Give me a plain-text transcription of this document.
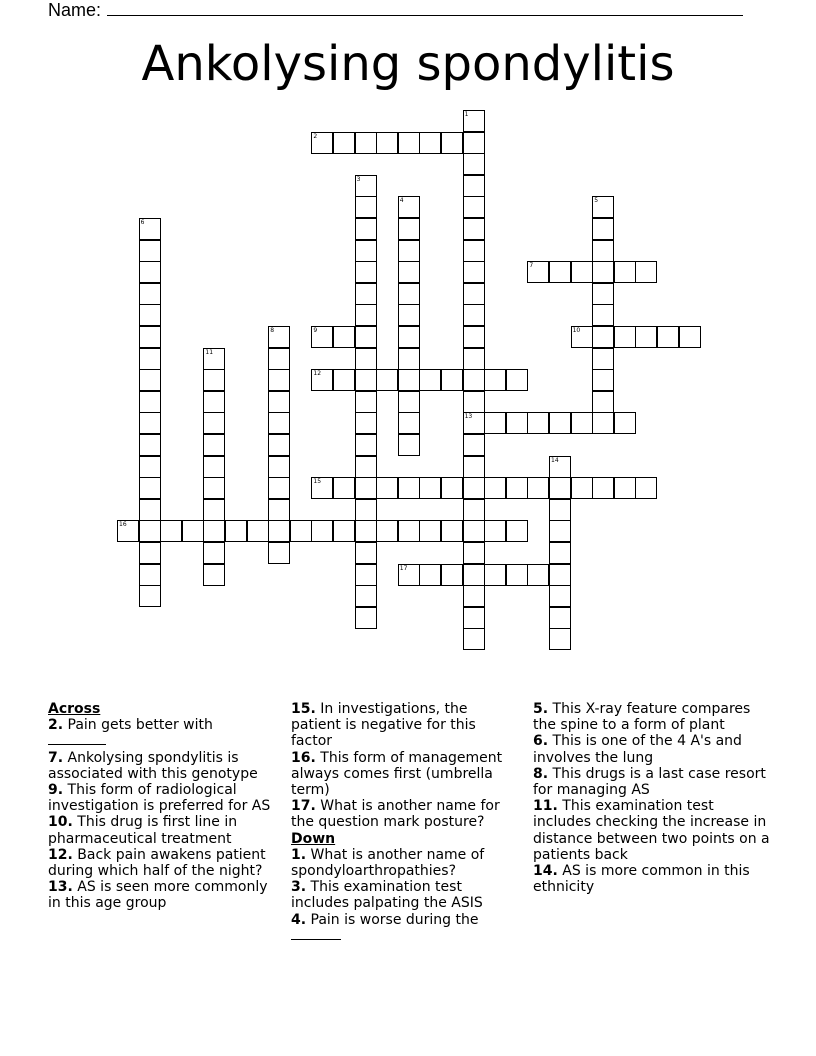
Name:
Ankolysing spondylitis
1
13
2
3
4	5
6
7
8	9	10
11
12
14
15
16
17

Across

2. Pain gets better with

7. Ankolysing spondylitis is associated with this genotype

9. This form of radiological investigation is preferred for AS

10. This drug is first line in pharmaceutical treatment

12. Back pain awakens patient during which half of the night?

13. AS is seen more commonly in this age group

15. In investigations, the patient is negative for this factor

16. This form of management always comes first (umbrella term)

17. What is another name for the question mark posture?

Down

1. What is another name of spondyloarthropathies?

3. This examination test includes palpating the ASIS

4. Pain is worse during the

5. This X-ray feature compares the spine to a form of plant

6. This is one of the 4 A's and involves the lung

8. This drugs is a last case resort for managing AS

11. This examination test includes checking the increase in distance between two points on a patients back

14. AS is more common in this ethnicity
